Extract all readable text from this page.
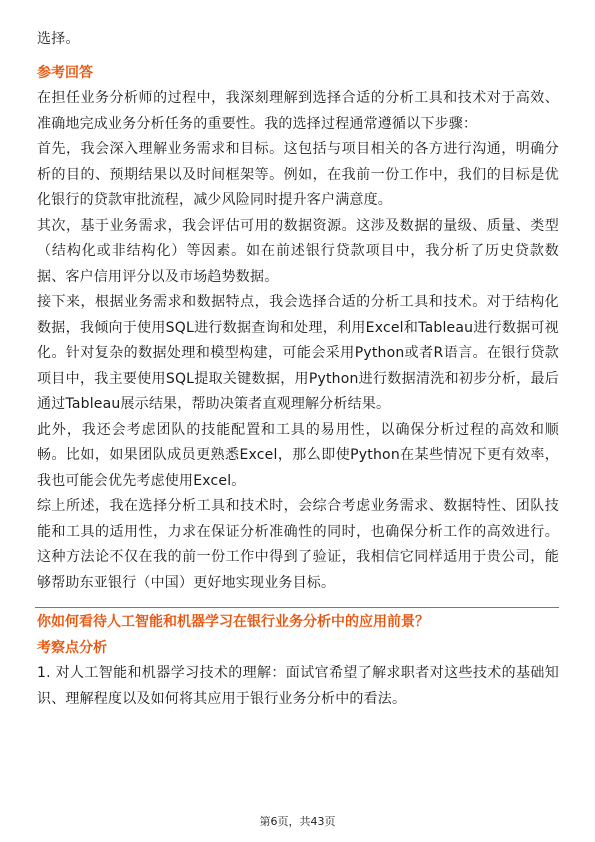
选择。

参考回答

在担任业务分析师的过程中，我深刻理解到选择合适的分析工具和技术对于高效、准确地完成业务分析任务的重要性。我的选择过程通常遵循以下步骤：

首先，我会深入理解业务需求和目标。这包括与项目相关的各方进行沟通，明确分析的目的、预期结果以及时间框架等。例如，在我前一份工作中，我们的目标是优化银行的贷款审批流程，减少风险同时提升客户满意度。

其次，基于业务需求，我会评估可用的数据资源。这涉及数据的量级、质量、类型（结构化或非结构化）等因素。如在前述银行贷款项目中，我分析了历史贷款数据、客户信用评分以及市场趋势数据。

接下来，根据业务需求和数据特点，我会选择合适的分析工具和技术。对于结构化数据，我倾向于使用SQL进行数据查询和处理，利用Excel和Tableau进行数据可视化。针对复杂的数据处理和模型构建，可能会采用Python或者R语言。在银行贷款项目中，我主要使用SQL提取关键数据，用Python进行数据清洗和初步分析，最后通过Tableau展示结果，帮助决策者直观理解分析结果。

此外，我还会考虑团队的技能配置和工具的易用性，以确保分析过程的高效和顺畅。比如，如果团队成员更熟悉Excel，那么即使Python在某些情况下更有效率，我也可能会优先考虑使用Excel。

综上所述，我在选择分析工具和技术时，会综合考虑业务需求、数据特性、团队技能和工具的适用性，力求在保证分析准确性的同时，也确保分析工作的高效进行。这种方法论不仅在我的前一份工作中得到了验证，我相信它同样适用于贵公司，能够帮助东亚银行（中国）更好地实现业务目标。

你如何看待人工智能和机器学习在银行业务分析中的应用前景？
考察点分析

1. 对人工智能和机器学习技术的理解：面试官希望了解求职者对这些技术的基础知识、理解程度以及如何将其应用于银行业务分析中的看法。

第6页，共43页
